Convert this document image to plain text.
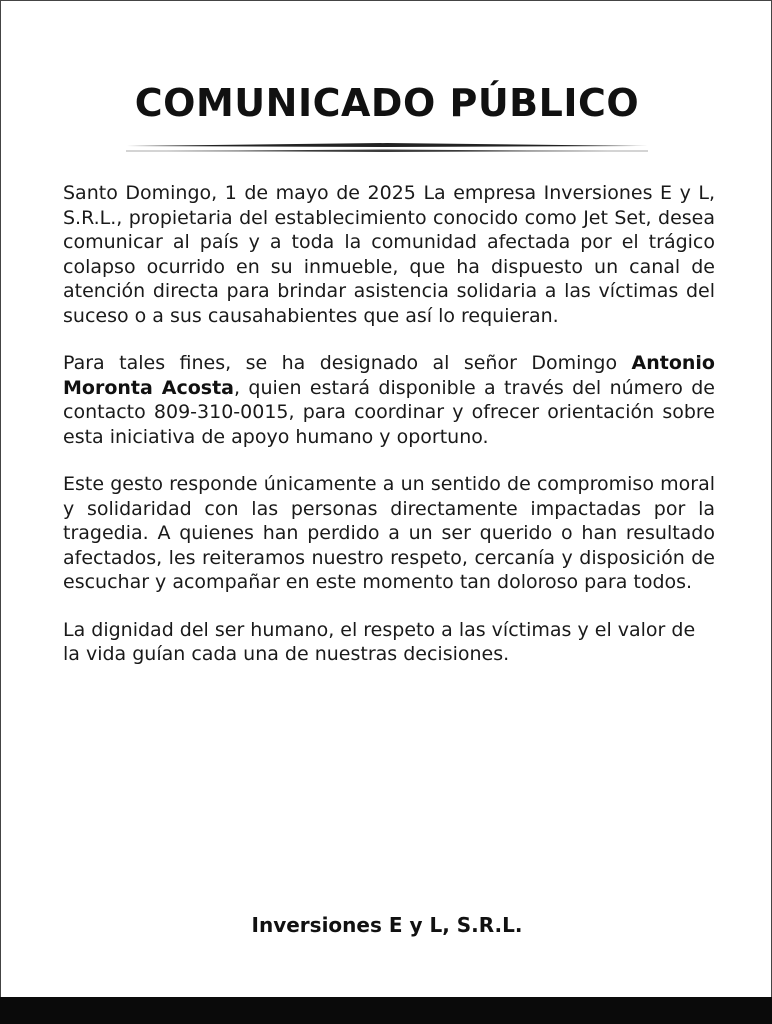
COMUNICADO PÚBLICO

Santo Domingo, 1 de mayo de 2025 La empresa Inversiones E y L, S.R.L., propietaria del establecimiento conocido como Jet Set, desea comunicar al país y a toda la comunidad afectada por el trágico colapso ocurrido en su inmueble, que ha dispuesto un canal de atención directa para brindar asistencia solidaria a las víctimas del suceso o a sus causahabientes que así lo requieran.

Para tales fines, se ha designado al señor Domingo Antonio Moronta Acosta, quien estará disponible a través del número de contacto 809-310-0015, para coordinar y ofrecer orientación sobre esta iniciativa de apoyo humano y oportuno.

Este gesto responde únicamente a un sentido de compromiso moral y solidaridad con las personas directamente impactadas por la tragedia. A quienes han perdido a un ser querido o han resultado afectados, les reiteramos nuestro respeto, cercanía y disposición de escuchar y acompañar en este momento tan doloroso para todos.

La dignidad del ser humano, el respeto a las víctimas y el valor de la vida guían cada una de nuestras decisiones.

Inversiones E y L, S.R.L.
